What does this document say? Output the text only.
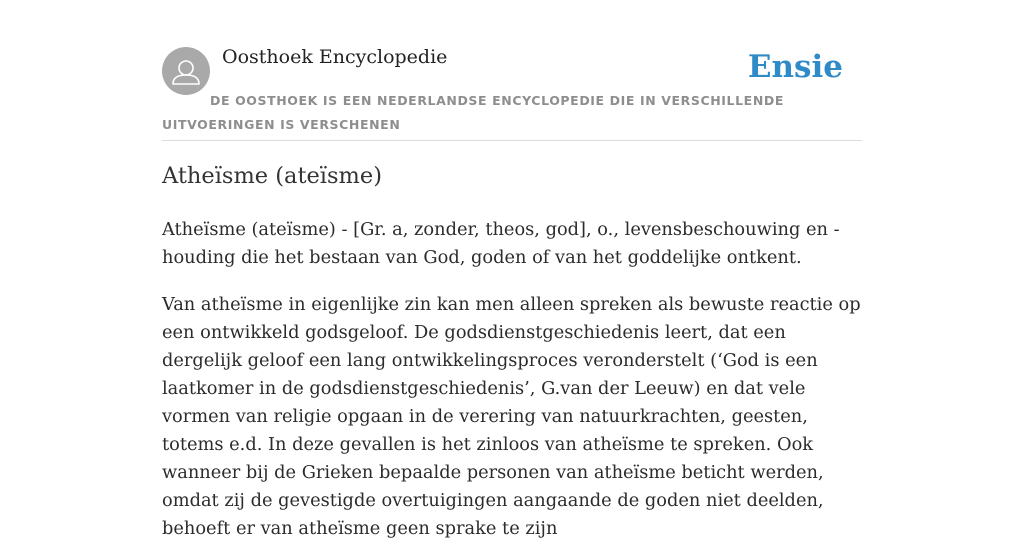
Oosthoek Encyclopedie	Ensie
DE OOSTHOEK IS EEN NEDERLANDSE ENCYCLOPEDIE DIE IN VERSCHILLENDE UITVOERINGEN IS VERSCHENEN
Atheïsme (ateïsme)

Atheïsme (ateïsme) - [Gr. a, zonder, theos, god], o., levensbeschouwing en -houding die het bestaan van God, goden of van het goddelijke ontkent.

Van atheïsme in eigenlijke zin kan men alleen spreken als bewuste reactie op een ontwikkeld godsgeloof. De godsdienstgeschiedenis leert, dat een dergelijk geloof een lang ontwikkelingsproces veronderstelt (‘God is een laatkomer in de godsdienstgeschiedenis’, G.van der Leeuw) en dat vele vormen van religie opgaan in de verering van natuurkrachten, geesten, totems e.d. In deze gevallen is het zinloos van atheïsme te spreken. Ook wanneer bij de Grieken bepaalde personen van atheïsme beticht werden, omdat zij de gevestigde overtuigingen aangaande de goden niet deelden, behoeft er van atheïsme geen sprake te zijn
